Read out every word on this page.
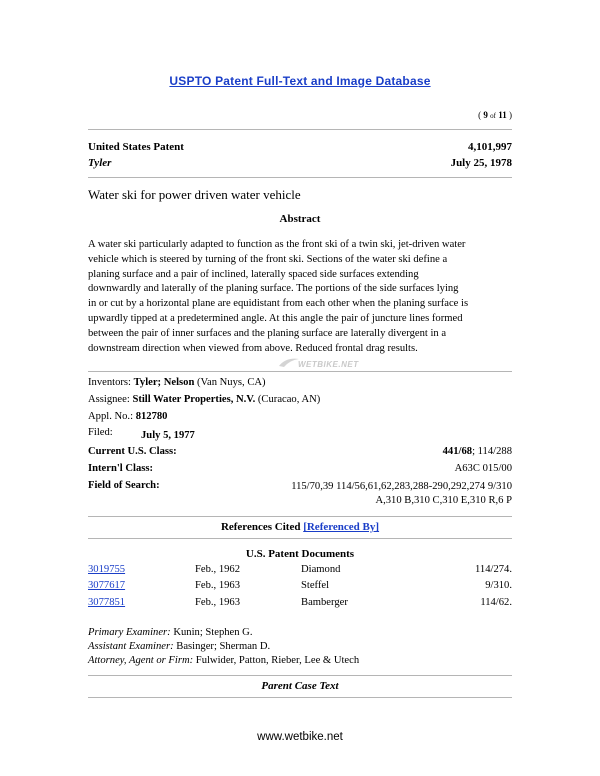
USPTO Patent Full-Text and Image Database
( 9 of 11 )
United States Patent	4,101,997
Tyler	July 25, 1978
Water ski for power driven water vehicle
Abstract
A water ski particularly adapted to function as the front ski of a twin ski, jet-driven water
vehicle which is steered by turning of the front ski. Sections of the water ski define a
planing surface and a pair of inclined, laterally spaced side surfaces extending
downwardly and laterally of the planing surface. The portions of the side surfaces lying
in or cut by a horizontal plane are equidistant from each other when the planing surface is
upwardly tipped at a predetermined angle. At this angle the pair of juncture lines formed
between the pair of inner surfaces and the planing surface are laterally divergent in a
downstream direction when viewed from above. Reduced frontal drag results.
WETBIKE.NET
Inventors: Tyler; Nelson (Van Nuys, CA)
Assignee: Still Water Properties, N.V. (Curacao, AN)
Appl. No.: 812780
Filed:	July 5, 1977
Current U.S. Class:	441/68; 114/288
Intern'l Class:	A63C 015/00
Field of Search:	115/70,39 114/56,61,62,283,288-290,292,274 9/310
A,310 B,310 C,310 E,310 R,6 P
References Cited [Referenced By]
U.S. Patent Documents
3019755	Feb., 1962	Diamond	114/274.
3077617	Feb., 1963	Steffel	9/310.
3077851	Feb., 1963	Bamberger	114/62.
Primary Examiner: Kunin; Stephen G.
Assistant Examiner: Basinger; Sherman D.
Attorney, Agent or Firm: Fulwider, Patton, Rieber, Lee & Utech
Parent Case Text
www.wetbike.net
